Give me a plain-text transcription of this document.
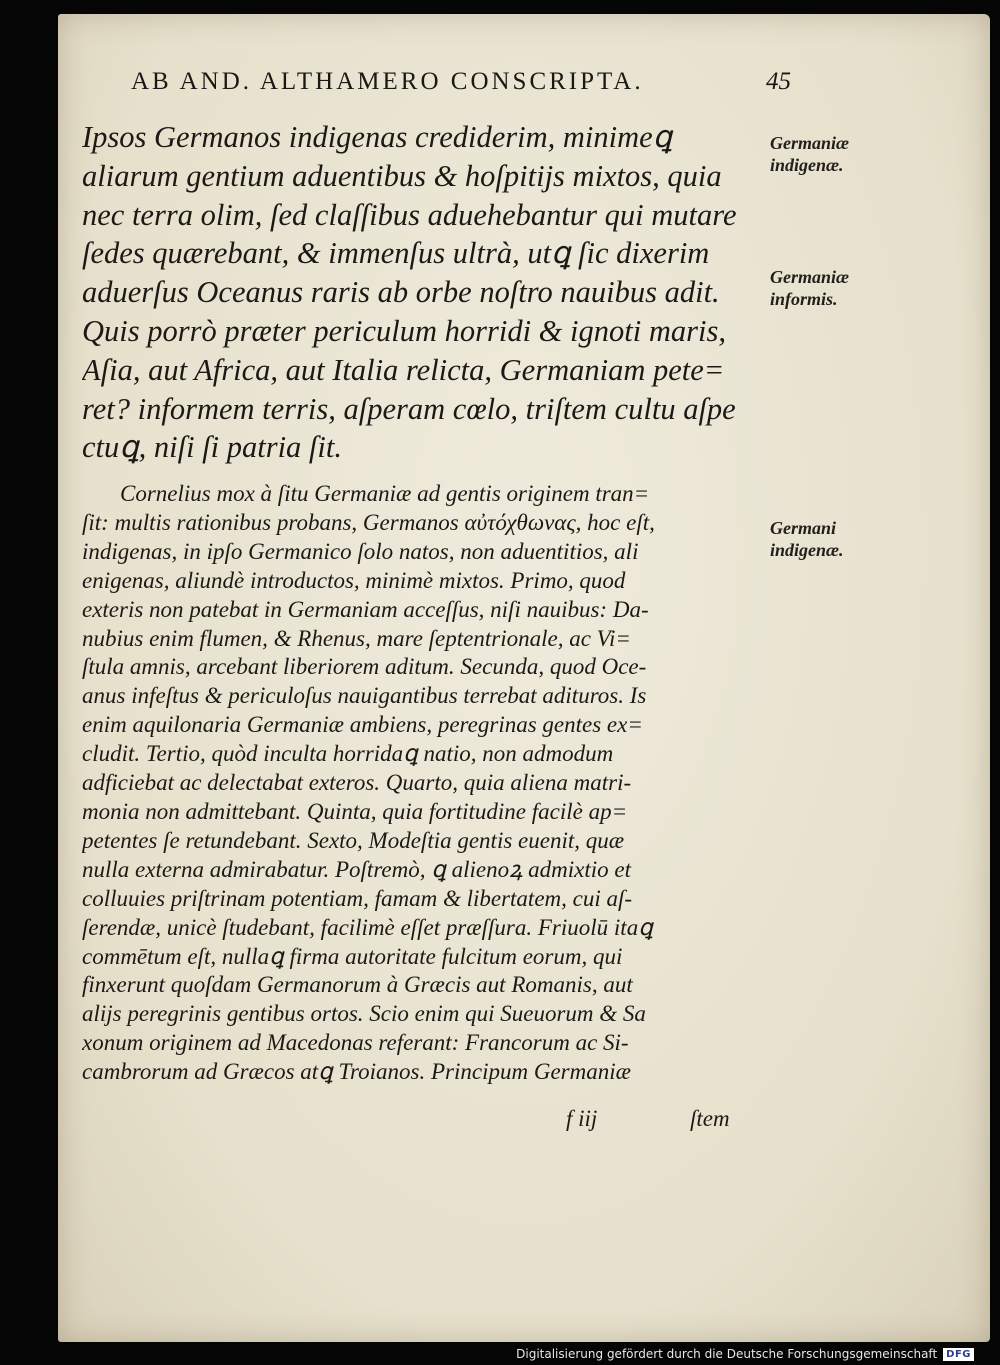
AB AND. ALTHAMERO CONSCRIPTA.	45
Ipsos Germanos indigenas crediderim, minimeꝗ
aliarum gentium aduentibus & hoſpitijs mixtos, quia
nec terra olim, ſed claſſibus aduehebantur qui mutare
ſedes quærebant, & immenſus ultrà, utꝗ ſic dixerim
aduerſus Oceanus raris ab orbe noſtro nauibus adit.
Quis porrò præter periculum horridi & ignoti maris,
Aſia, aut Africa, aut Italia relicta, Germaniam pete=
ret? informem terris, aſperam cœlo, triſtem cultu aſpe
ctuꝗ, niſi ſi patria ſit.
Cornelius mox à ſitu Germaniæ ad gentis originem tran=
ſit: multis rationibus probans, Germanos αὐτόχθωνας, hoc eſt,
indigenas, in ipſo Germanico ſolo natos, non aduentitios, ali
enigenas, aliundè introductos, minimè mixtos. Primo, quod
exteris non patebat in Germaniam acceſſus, niſi nauibus: Da-
nubius enim flumen, & Rhenus, mare ſeptentrionale, ac Vi=
ſtula amnis, arcebant liberiorem aditum. Secunda, quod Oce-
anus infeſtus & periculoſus nauigantibus terrebat adituros. Is
enim aquilonaria Germaniæ ambiens, peregrinas gentes ex=
cludit. Tertio, quòd inculta horridaꝗ natio, non admodum
adficiebat ac delectabat exteros. Quarto, quia aliena matri-
monia non admittebant. Quinta, quia fortitudine facilè ap=
petentes ſe retundebant. Sexto, Modeſtia gentis euenit, quæ
nulla externa admirabatur. Poſtremò, ꝗ alienoꝝ admixtio et
colluuies priſtrinam potentiam, famam & libertatem, cui aſ-
ſerendæ, unicè ſtudebant, facilimè eſſet præſſura. Friuolū itaꝗ
commētum eſt, nullaꝗ firma autoritate fulcitum eorum, qui
finxerunt quoſdam Germanorum à Græcis aut Romanis, aut
alijs peregrinis gentibus ortos. Scio enim qui Sueuorum & Sa
xonum originem ad Macedonas referant: Francorum ac Si-
cambrorum ad Græcos atꝗ Troianos. Principum Germaniæ
f iij	ſtem
Germaniæ
indigenæ.
Germaniæ
informis.
Germani
indigenæ.
Digitalisierung gefördert durch die Deutsche Forschungsgemeinschaft DFG
